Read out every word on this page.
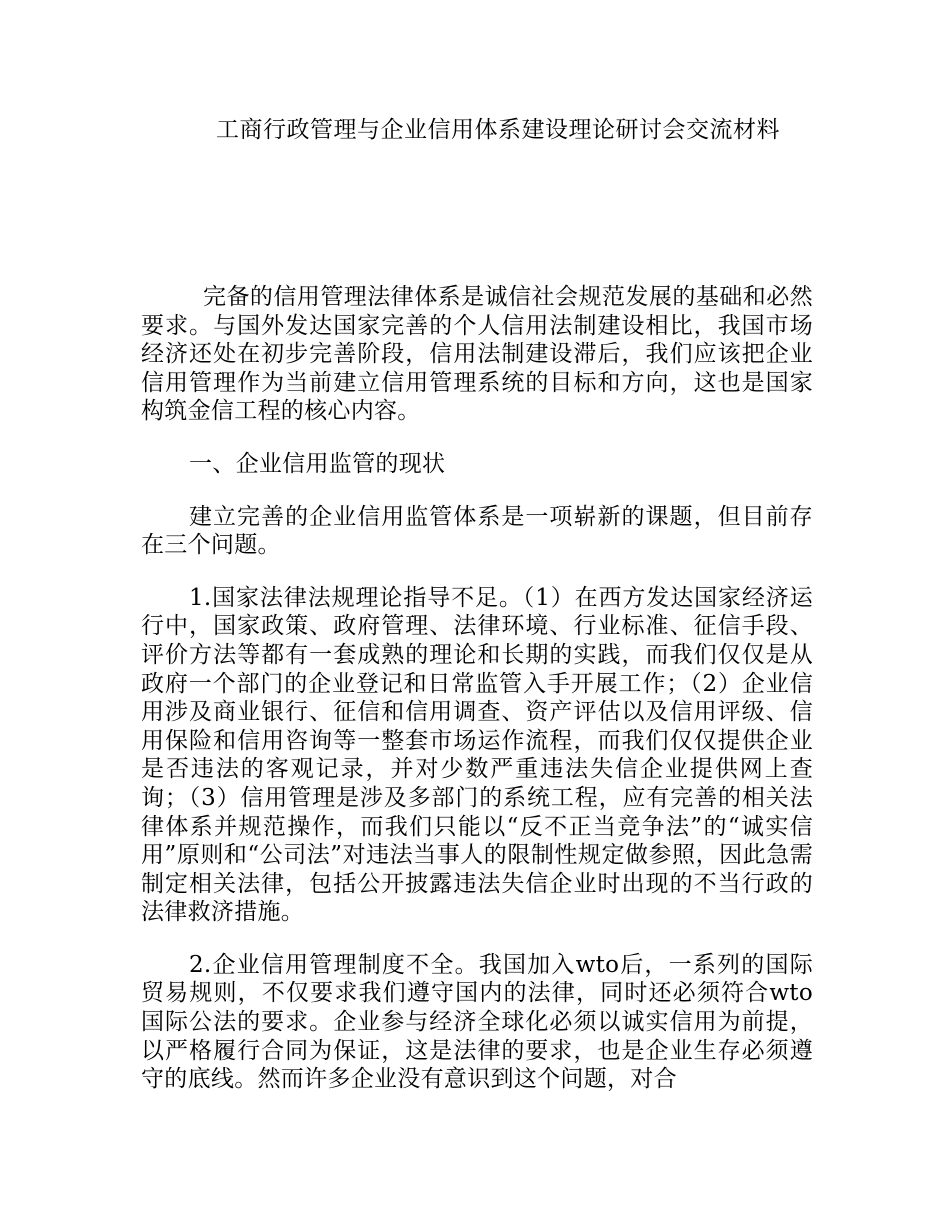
工商行政管理与企业信用体系建设理论研讨会交流材料

完备的信用管理法律体系是诚信社会规范发展的基础和必然要求。与国外发达国家完善的个人信用法制建设相比，我国市场经济还处在初步完善阶段，信用法制建设滞后，我们应该把企业信用管理作为当前建立信用管理系统的目标和方向，这也是国家构筑金信工程的核心内容。

一、企业信用监管的现状

建立完善的企业信用监管体系是一项崭新的课题，但目前存在三个问题。

1.国家法律法规理论指导不足。（1）在西方发达国家经济运行中，国家政策、政府管理、法律环境、行业标准、征信手段、评价方法等都有一套成熟的理论和长期的实践，而我们仅仅是从政府一个部门的企业登记和日常监管入手开展工作；（2）企业信用涉及商业银行、征信和信用调查、资产评估以及信用评级、信用保险和信用咨询等一整套市场运作流程，而我们仅仅提供企业是否违法的客观记录，并对少数严重违法失信企业提供网上查询；（3）信用管理是涉及多部门的系统工程，应有完善的相关法律体系并规范操作，而我们只能以“反不正当竞争法”的“诚实信用”原则和“公司法”对违法当事人的限制性规定做参照，因此急需制定相关法律，包括公开披露违法失信企业时出现的不当行政的法律救济措施。

2.企业信用管理制度不全。我国加入wto后，一系列的国际贸易规则，不仅要求我们遵守国内的法律，同时还必须符合wto国际公法的要求。企业参与经济全球化必须以诚实信用为前提，以严格履行合同为保证，这是法律的要求，也是企业生存必须遵守的底线。然而许多企业没有意识到这个问题，对合
